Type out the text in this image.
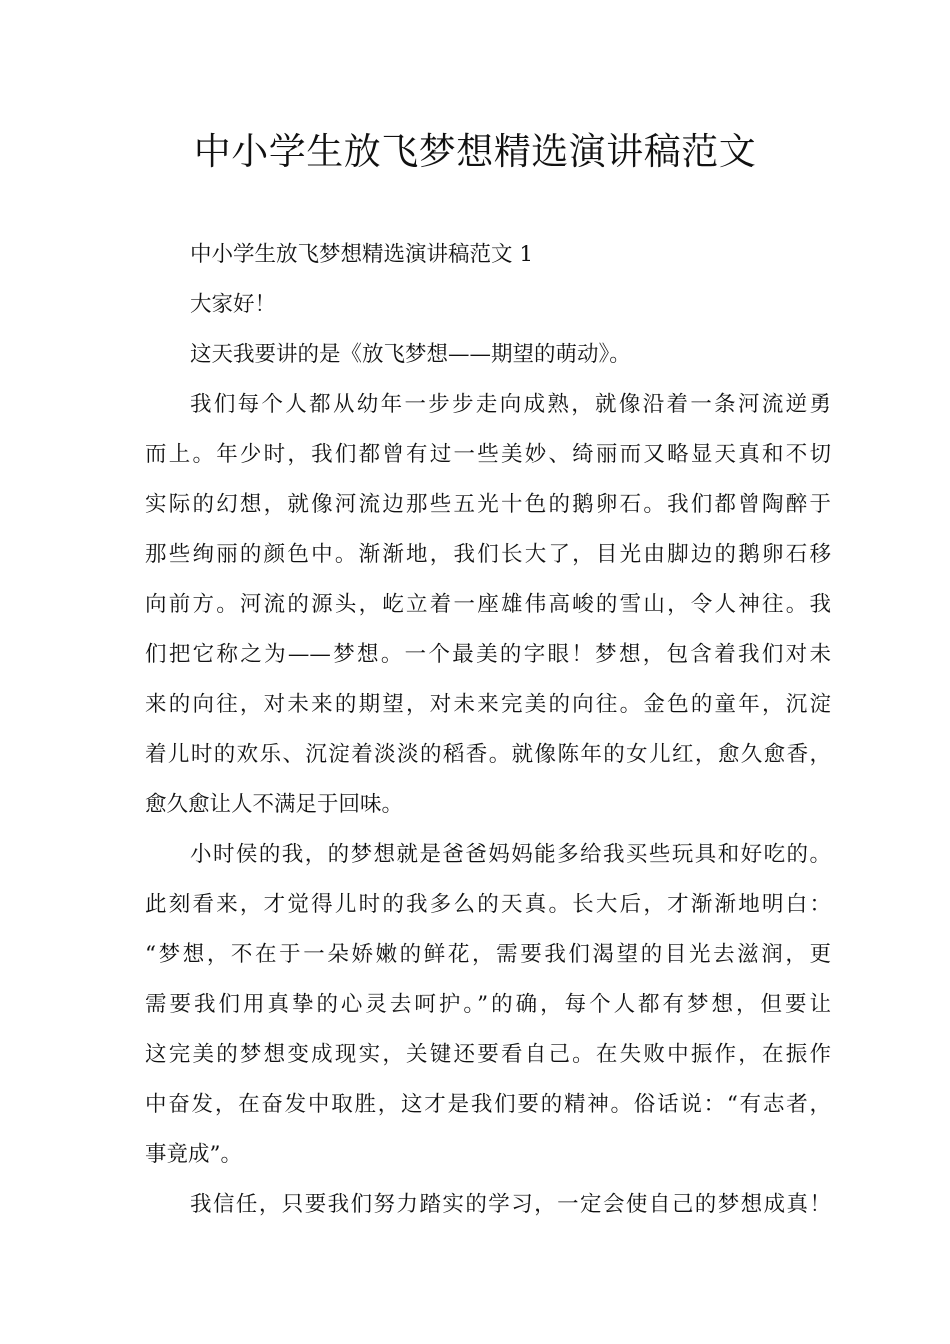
中小学生放飞梦想精选演讲稿范文
中小学生放飞梦想精选演讲稿范文 1
大家好！
这天我要讲的是《放飞梦想——期望的萌动》。
我们每个人都从幼年一步步走向成熟，就像沿着一条河流逆勇
而上。年少时，我们都曾有过一些美妙、绮丽而又略显天真和不切
实际的幻想，就像河流边那些五光十色的鹅卵石。我们都曾陶醉于
那些绚丽的颜色中。渐渐地，我们长大了，目光由脚边的鹅卵石移
向前方。河流的源头，屹立着一座雄伟高峻的雪山，令人神往。我
们把它称之为——梦想。一个最美的字眼！梦想，包含着我们对未
来的向往，对未来的期望，对未来完美的向往。金色的童年，沉淀
着儿时的欢乐、沉淀着淡淡的稻香。就像陈年的女儿红，愈久愈香，
愈久愈让人不满足于回味。
小时侯的我，的梦想就是爸爸妈妈能多给我买些玩具和好吃的。
此刻看来，才觉得儿时的我多么的天真。长大后，才渐渐地明白：
“梦想，不在于一朵娇嫩的鲜花，需要我们渴望的目光去滋润，更
需要我们用真挚的心灵去呵护。”的确，每个人都有梦想，但要让
这完美的梦想变成现实，关键还要看自己。在失败中振作，在振作
中奋发，在奋发中取胜，这才是我们要的精神。俗话说：“有志者，
事竟成”。
我信任，只要我们努力踏实的学习，一定会使自己的梦想成真！
